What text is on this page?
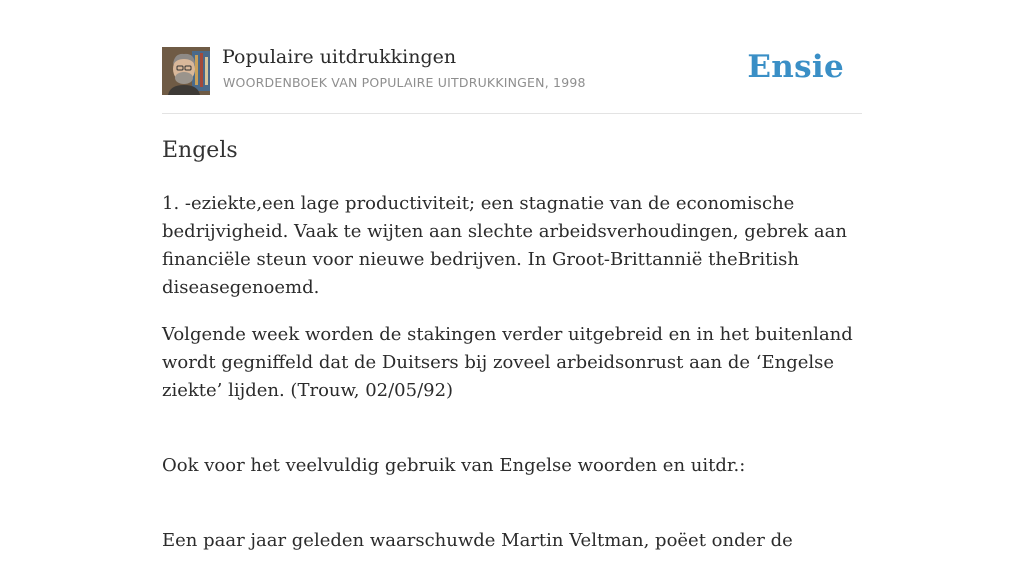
Populaire uitdrukkingen
WOORDENBOEK VAN POPULAIRE UITDRUKKINGEN, 1998	Ensie
Engels

1. -eziekte,een lage productiviteit; een stagnatie van de economische bedrijvigheid. Vaak te wijten aan slechte arbeidsverhoudingen, gebrek aan financiële steun voor nieuwe bedrijven. In Groot-Brittannië theBritish diseasegenoemd.

Volgende week worden de stakingen verder uitgebreid en in het buitenland wordt gegniffeld dat de Duitsers bij zoveel arbeidsonrust aan de ‘Engelse ziekte’ lijden. (Trouw, 02/05/92)

Ook voor het veelvuldig gebruik van Engelse woorden en uitdr.:

Een paar jaar geleden waarschuwde Martin Veltman, poëet onder de
